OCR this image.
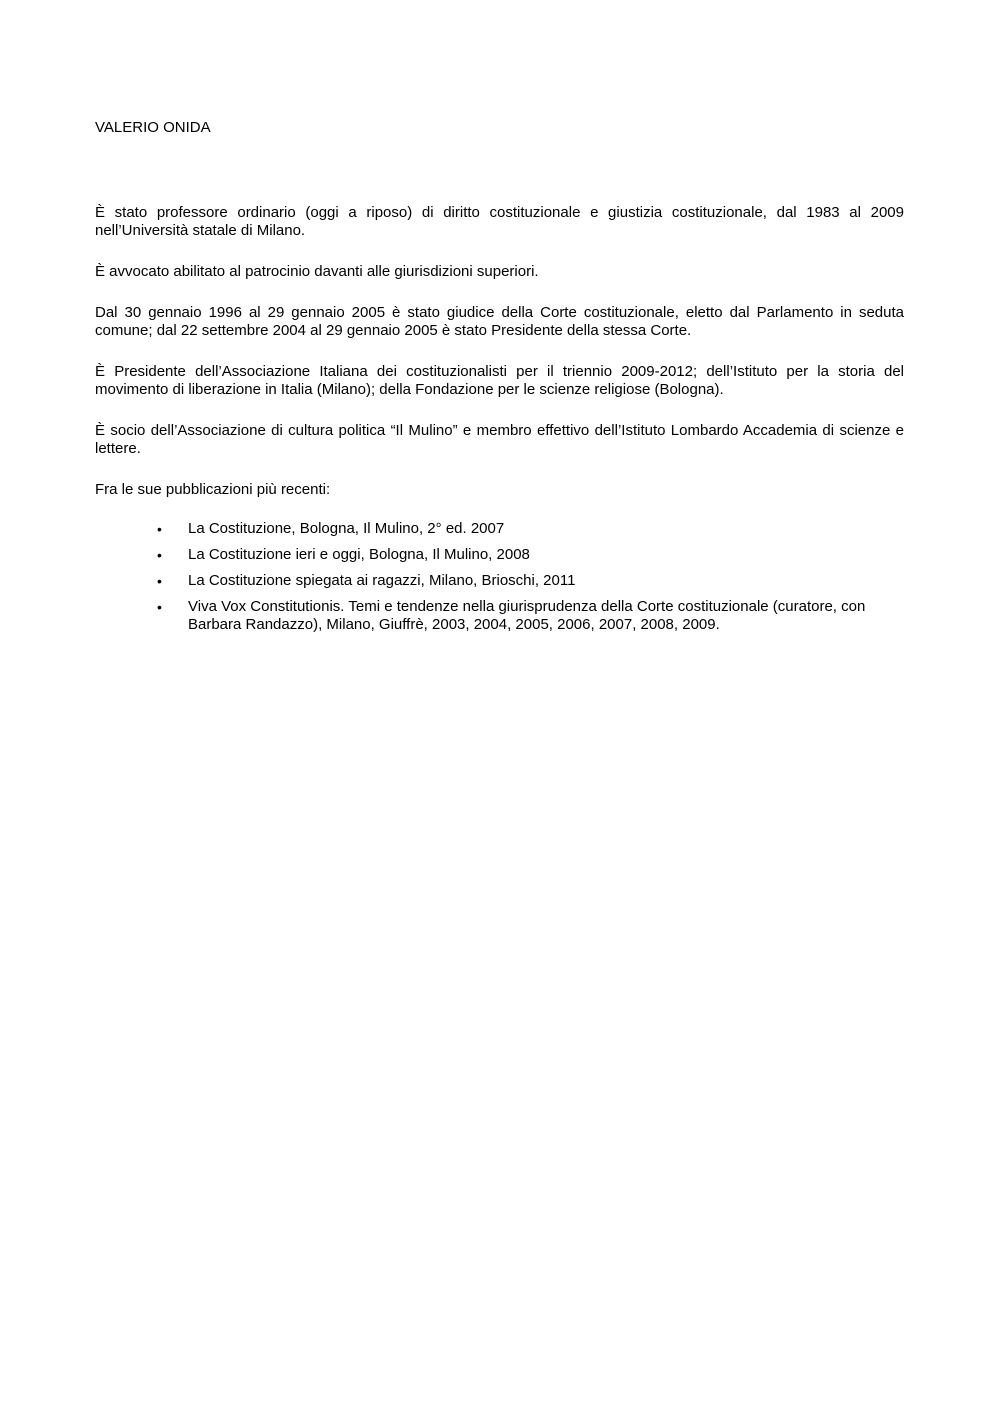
VALERIO ONIDA

È stato professore ordinario (oggi a riposo) di diritto costituzionale e giustizia costituzionale, dal 1983 al 2009 nell’Università statale di Milano.

È avvocato abilitato al patrocinio davanti alle giurisdizioni superiori.

Dal 30 gennaio 1996 al 29 gennaio 2005 è stato giudice della Corte costituzionale, eletto dal Parlamento in seduta comune; dal 22 settembre 2004 al 29 gennaio 2005 è stato Presidente della stessa Corte.

È Presidente dell’Associazione Italiana dei costituzionalisti per il triennio 2009-2012; dell’Istituto per la storia del movimento di liberazione in Italia (Milano); della Fondazione per le scienze religiose (Bologna).

È socio dell’Associazione di cultura politica “Il Mulino” e membro effettivo dell’Istituto Lombardo Accademia di scienze e lettere.

Fra le sue pubblicazioni più recenti:

• La Costituzione, Bologna, Il Mulino, 2° ed. 2007
• La Costituzione ieri e oggi, Bologna, Il Mulino, 2008
• La Costituzione spiegata ai ragazzi, Milano, Brioschi, 2011
• Viva Vox Constitutionis. Temi e tendenze nella giurisprudenza della Corte costituzionale (curatore, con Barbara Randazzo), Milano, Giuffrè, 2003, 2004, 2005, 2006, 2007, 2008, 2009.
